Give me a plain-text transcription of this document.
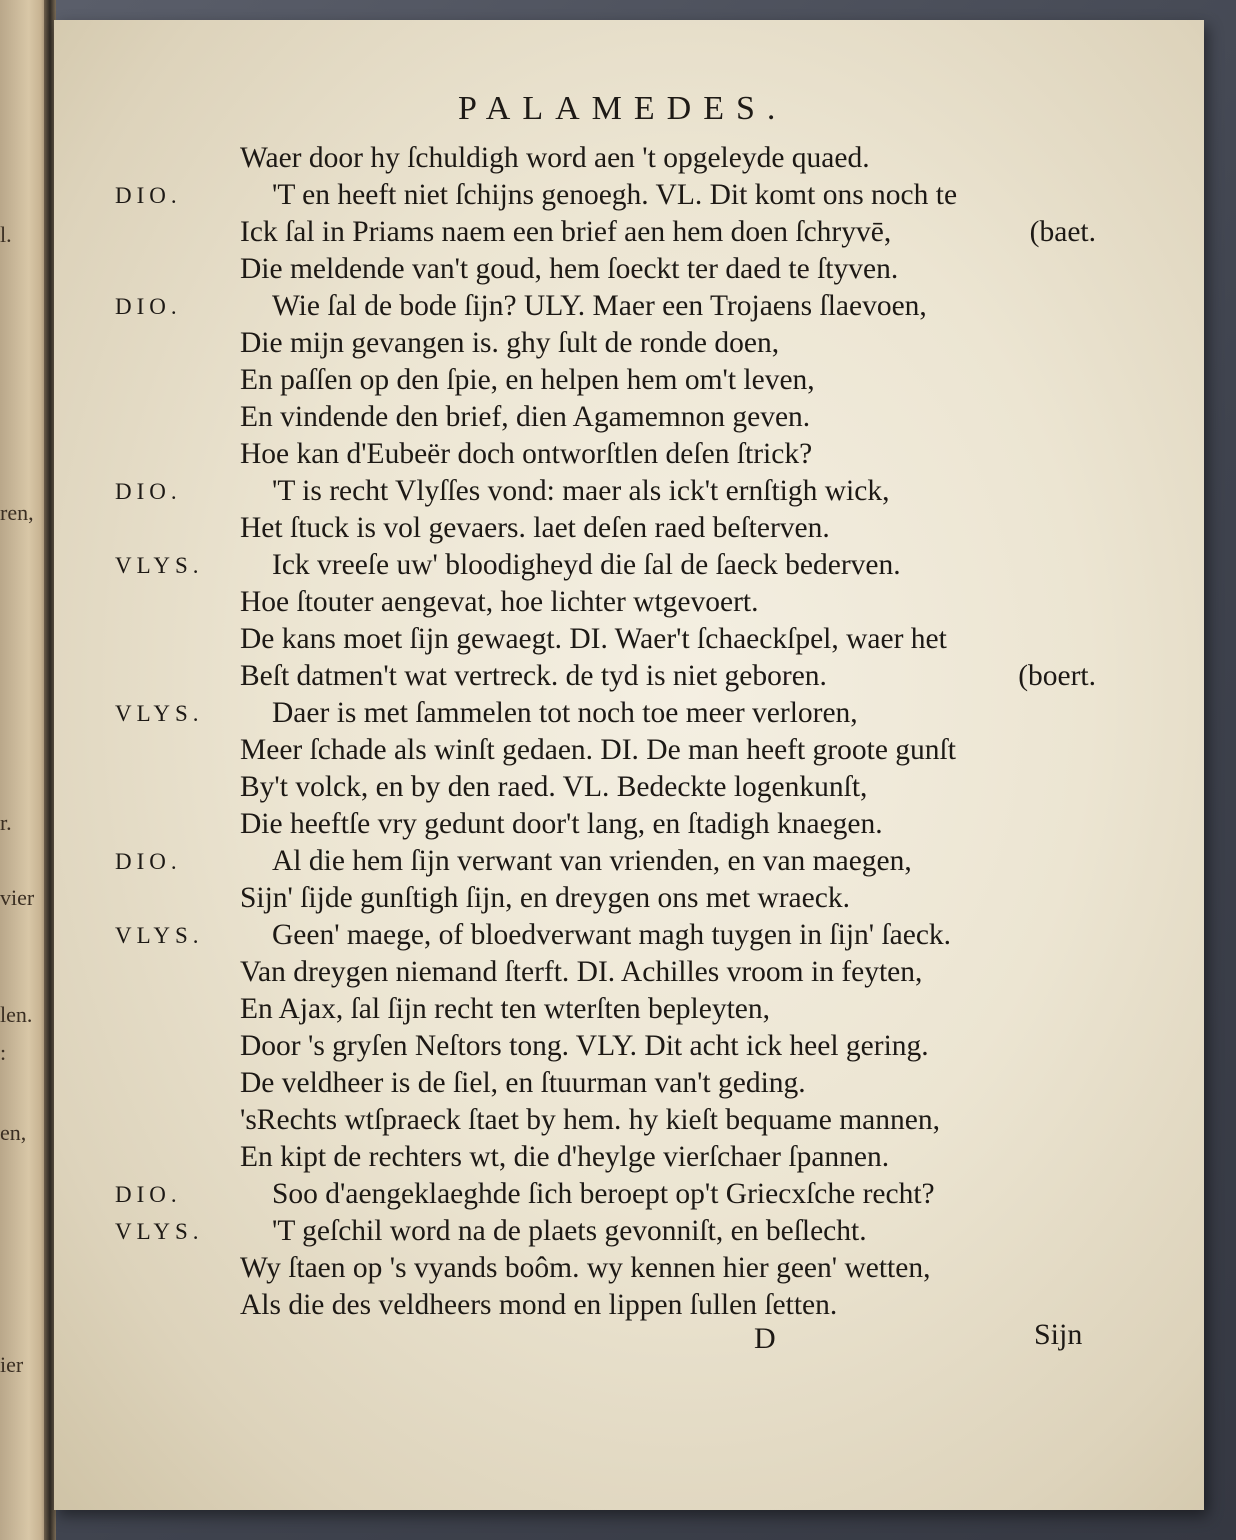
l.
ren,
r.
vier
len.
:
en,
ier
PALAMEDES.
Waer door hy ſchuldigh word aen 't opgeleyde quaed.
DIO.	'T en heeft niet ſchijns genoegh. VL. Dit komt ons noch te
Ick ſal in Priams naem een brief aen hem doen ſchryvē,	(baet.
Die meldende van't goud, hem ſoeckt ter daed te ſtyven.
DIO.	Wie ſal de bode ſijn? ULY. Maer een Trojaens ſlaevoen,
Die mijn gevangen is. ghy ſult de ronde doen,
En paſſen op den ſpie, en helpen hem om't leven,
En vindende den brief, dien Agamemnon geven.
Hoe kan d'Eubeër doch ontworſtlen deſen ſtrick?
DIO.	'T is recht Vlyſſes vond: maer als ick't ernſtigh wick,
Het ſtuck is vol gevaers. laet deſen raed beſterven.
VLYS. Ick vreeſe uw' bloodigheyd die ſal de ſaeck bederven.
Hoe ſtouter aengevat, hoe lichter wtgevoert.
De kans moet ſijn gewaegt. DI. Waer't ſchaeckſpel, waer het
Beſt datmen't wat vertreck. de tyd is niet geboren.	(boert.
VLYS. Daer is met ſammelen tot noch toe meer verloren,
Meer ſchade als winſt gedaen. DI. De man heeft groote gunſt
By't volck, en by den raed. VL. Bedeckte logenkunſt,
Die heeftſe vry gedunt door't lang, en ſtadigh knaegen.
DIO.	Al die hem ſijn verwant van vrienden, en van maegen,
Sijn' ſijde gunſtigh ſijn, en dreygen ons met wraeck.
VLYS. Geen' maege, of bloedverwant magh tuygen in ſijn' ſaeck.
Van dreygen niemand ſterft. DI. Achilles vroom in feyten,
En Ajax, ſal ſijn recht ten wterſten bepleyten,
Door 's gryſen Neſtors tong. VLY. Dit acht ick heel gering.
De veldheer is de ſiel, en ſtuurman van't geding.
'sRechts wtſpraeck ſtaet by hem. hy kieſt bequame mannen,
En kipt de rechters wt, die d'heylge vierſchaer ſpannen.
DIO.	Soo d'aengeklaeghde ſich beroept op't Griecxſche recht?
VLYS. 'T geſchil word na de plaets gevonniſt, en beſlecht.
Wy ſtaen op 's vyands boôm. wy kennen hier geen' wetten,
Als die des veldheers mond en lippen ſullen ſetten.
D	Sijn
